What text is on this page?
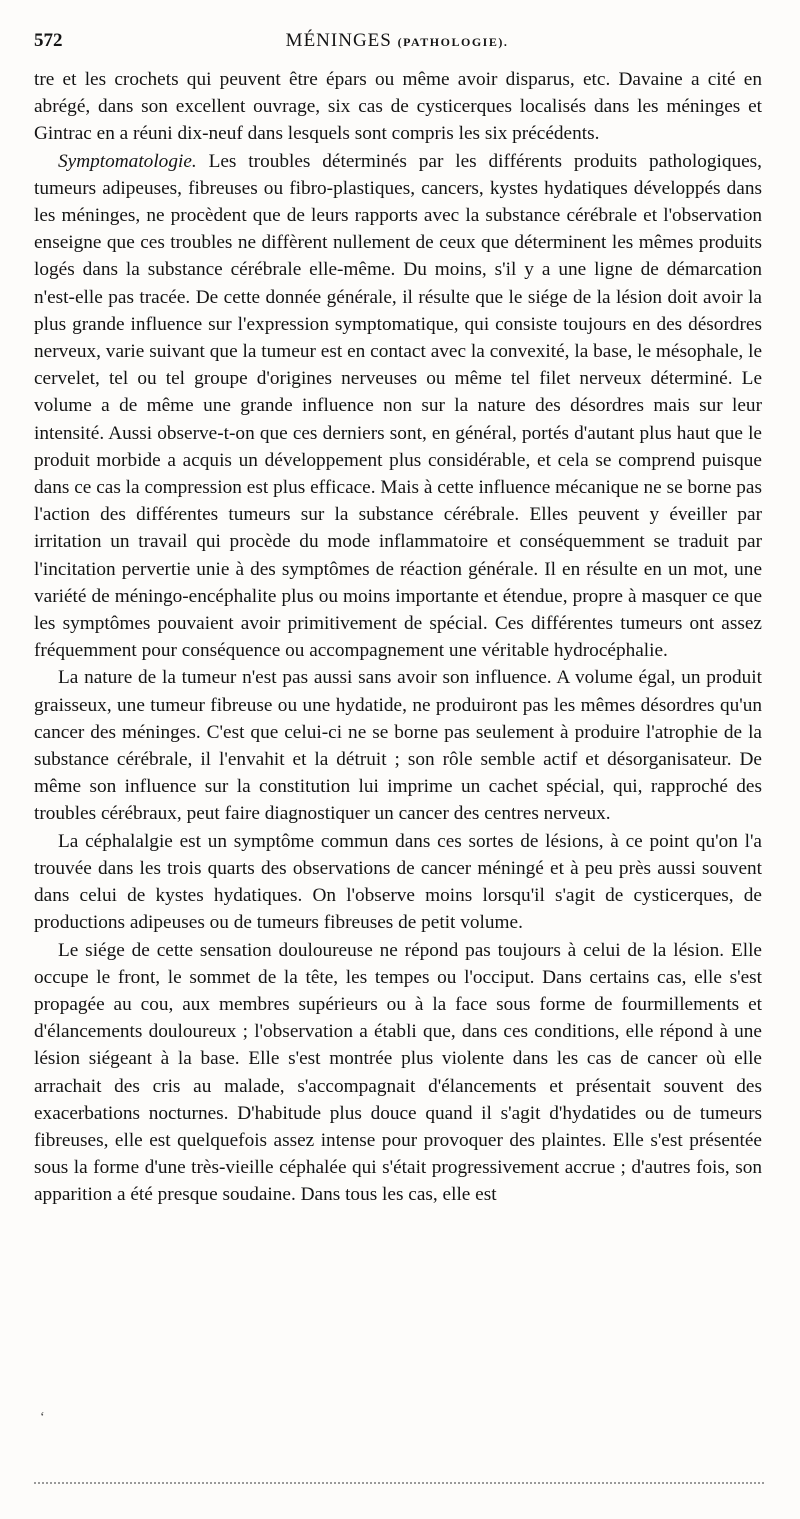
572	MÉNINGES (PATHOLOGIE).

tre et les crochets qui peuvent être épars ou même avoir disparus, etc. Davaine a cité en abrégé, dans son excellent ouvrage, six cas de cysticerques localisés dans les méninges et Gintrac en a réuni dix-neuf dans lesquels sont compris les six précédents.

Symptomatologie. Les troubles déterminés par les différents produits pathologiques, tumeurs adipeuses, fibreuses ou fibro-plastiques, cancers, kystes hydatiques développés dans les méninges, ne procèdent que de leurs rapports avec la substance cérébrale et l'observation enseigne que ces troubles ne diffèrent nullement de ceux que déterminent les mêmes produits logés dans la substance cérébrale elle-même. Du moins, s'il y a une ligne de démarcation n'est-elle pas tracée. De cette donnée générale, il résulte que le siége de la lésion doit avoir la plus grande influence sur l'expression symptomatique, qui consiste toujours en des désordres nerveux, varie suivant que la tumeur est en contact avec la convexité, la base, le mésophale, le cervelet, tel ou tel groupe d'origines nerveuses ou même tel filet nerveux déterminé. Le volume a de même une grande influence non sur la nature des désordres mais sur leur intensité. Aussi observe-t-on que ces derniers sont, en général, portés d'autant plus haut que le produit morbide a acquis un développement plus considérable, et cela se comprend puisque dans ce cas la compression est plus efficace. Mais à cette influence mécanique ne se borne pas l'action des différentes tumeurs sur la substance cérébrale. Elles peuvent y éveiller par irritation un travail qui procède du mode inflammatoire et conséquemment se traduit par l'incitation pervertie unie à des symptômes de réaction générale. Il en résulte en un mot, une variété de méningo-encéphalite plus ou moins importante et étendue, propre à masquer ce que les symptômes pouvaient avoir primitivement de spécial. Ces différentes tumeurs ont assez fréquemment pour conséquence ou accompagnement une véritable hydrocéphalie.

La nature de la tumeur n'est pas aussi sans avoir son influence. A volume égal, un produit graisseux, une tumeur fibreuse ou une hydatide, ne produiront pas les mêmes désordres qu'un cancer des méninges. C'est que celui-ci ne se borne pas seulement à produire l'atrophie de la substance cérébrale, il l'envahit et la détruit ; son rôle semble actif et désorganisateur. De même son influence sur la constitution lui imprime un cachet spécial, qui, rapproché des troubles cérébraux, peut faire diagnostiquer un cancer des centres nerveux.

La céphalalgie est un symptôme commun dans ces sortes de lésions, à ce point qu'on l'a trouvée dans les trois quarts des observations de cancer méningé et à peu près aussi souvent dans celui de kystes hydatiques. On l'observe moins lorsqu'il s'agit de cysticerques, de productions adipeuses ou de tumeurs fibreuses de petit volume.

Le siége de cette sensation douloureuse ne répond pas toujours à celui de la lésion. Elle occupe le front, le sommet de la tête, les tempes ou l'occiput. Dans certains cas, elle s'est propagée au cou, aux membres supérieurs ou à la face sous forme de fourmillements et d'élancements douloureux ; l'observation a établi que, dans ces conditions, elle répond à une lésion siégeant à la base. Elle s'est montrée plus violente dans les cas de cancer où elle arrachait des cris au malade, s'accompagnait d'élancements et présentait souvent des exacerbations nocturnes. D'habitude plus douce quand il s'agit d'hydatides ou de tumeurs fibreuses, elle est quelquefois assez intense pour provoquer des plaintes. Elle s'est présentée sous la forme d'une très-vieille céphalée qui s'était progressivement accrue ; d'autres fois, son apparition a été presque soudaine. Dans tous les cas, elle est

‘
